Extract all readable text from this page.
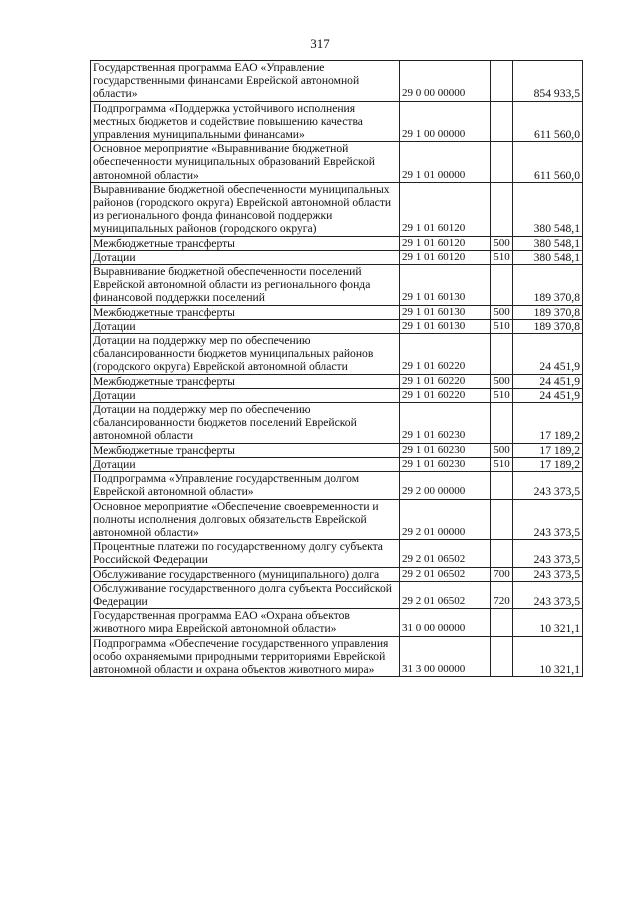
317
Государственная программа ЕАО «Управление государственными финансами Еврейской автономной области»	29 0 00 00000		854 933,5
Подпрограмма «Поддержка устойчивого исполнения местных бюджетов и содействие повышению качества управления муниципальными финансами»	29 1 00 00000		611 560,0
Основное мероприятие «Выравнивание бюджетной обеспеченности муниципальных образований Еврейской автономной области»	29 1 01 00000		611 560,0
Выравнивание бюджетной обеспеченности муниципальных районов (городского округа) Еврейской автономной области из регионального фонда финансовой поддержки муниципальных районов (городского округа)	29 1 01 60120		380 548,1
Межбюджетные трансферты	29 1 01 60120	500	380 548,1
Дотации	29 1 01 60120	510	380 548,1
Выравнивание бюджетной обеспеченности поселений Еврейской автономной области из регионального фонда финансовой поддержки поселений	29 1 01 60130		189 370,8
Межбюджетные трансферты	29 1 01 60130	500	189 370,8
Дотации	29 1 01 60130	510	189 370,8
Дотации на поддержку мер по обеспечению сбалансированности бюджетов муниципальных районов (городского округа) Еврейской автономной области	29 1 01 60220		24 451,9
Межбюджетные трансферты	29 1 01 60220	500	24 451,9
Дотации	29 1 01 60220	510	24 451,9
Дотации на поддержку мер по обеспечению сбалансированности бюджетов поселений Еврейской автономной области	29 1 01 60230		17 189,2
Межбюджетные трансферты	29 1 01 60230	500	17 189,2
Дотации	29 1 01 60230	510	17 189,2
Подпрограмма «Управление государственным долгом Еврейской автономной области»	29 2 00 00000		243 373,5
Основное мероприятие «Обеспечение своевременности и полноты исполнения долговых обязательств Еврейской автономной области»	29 2 01 00000		243 373,5
Процентные платежи по государственному долгу субъекта Российской Федерации	29 2 01 06502		243 373,5
Обслуживание государственного (муниципального) долга	29 2 01 06502	700	243 373,5
Обслуживание государственного долга субъекта Российской Федерации	29 2 01 06502	720	243 373,5
Государственная программа ЕАО «Охрана объектов животного мира Еврейской автономной области»	31 0 00 00000		10 321,1
Подпрограмма «Обеспечение государственного управления особо охраняемыми природными территориями Еврейской автономной области и охрана объектов животного мира»	31 3 00 00000		10 321,1
